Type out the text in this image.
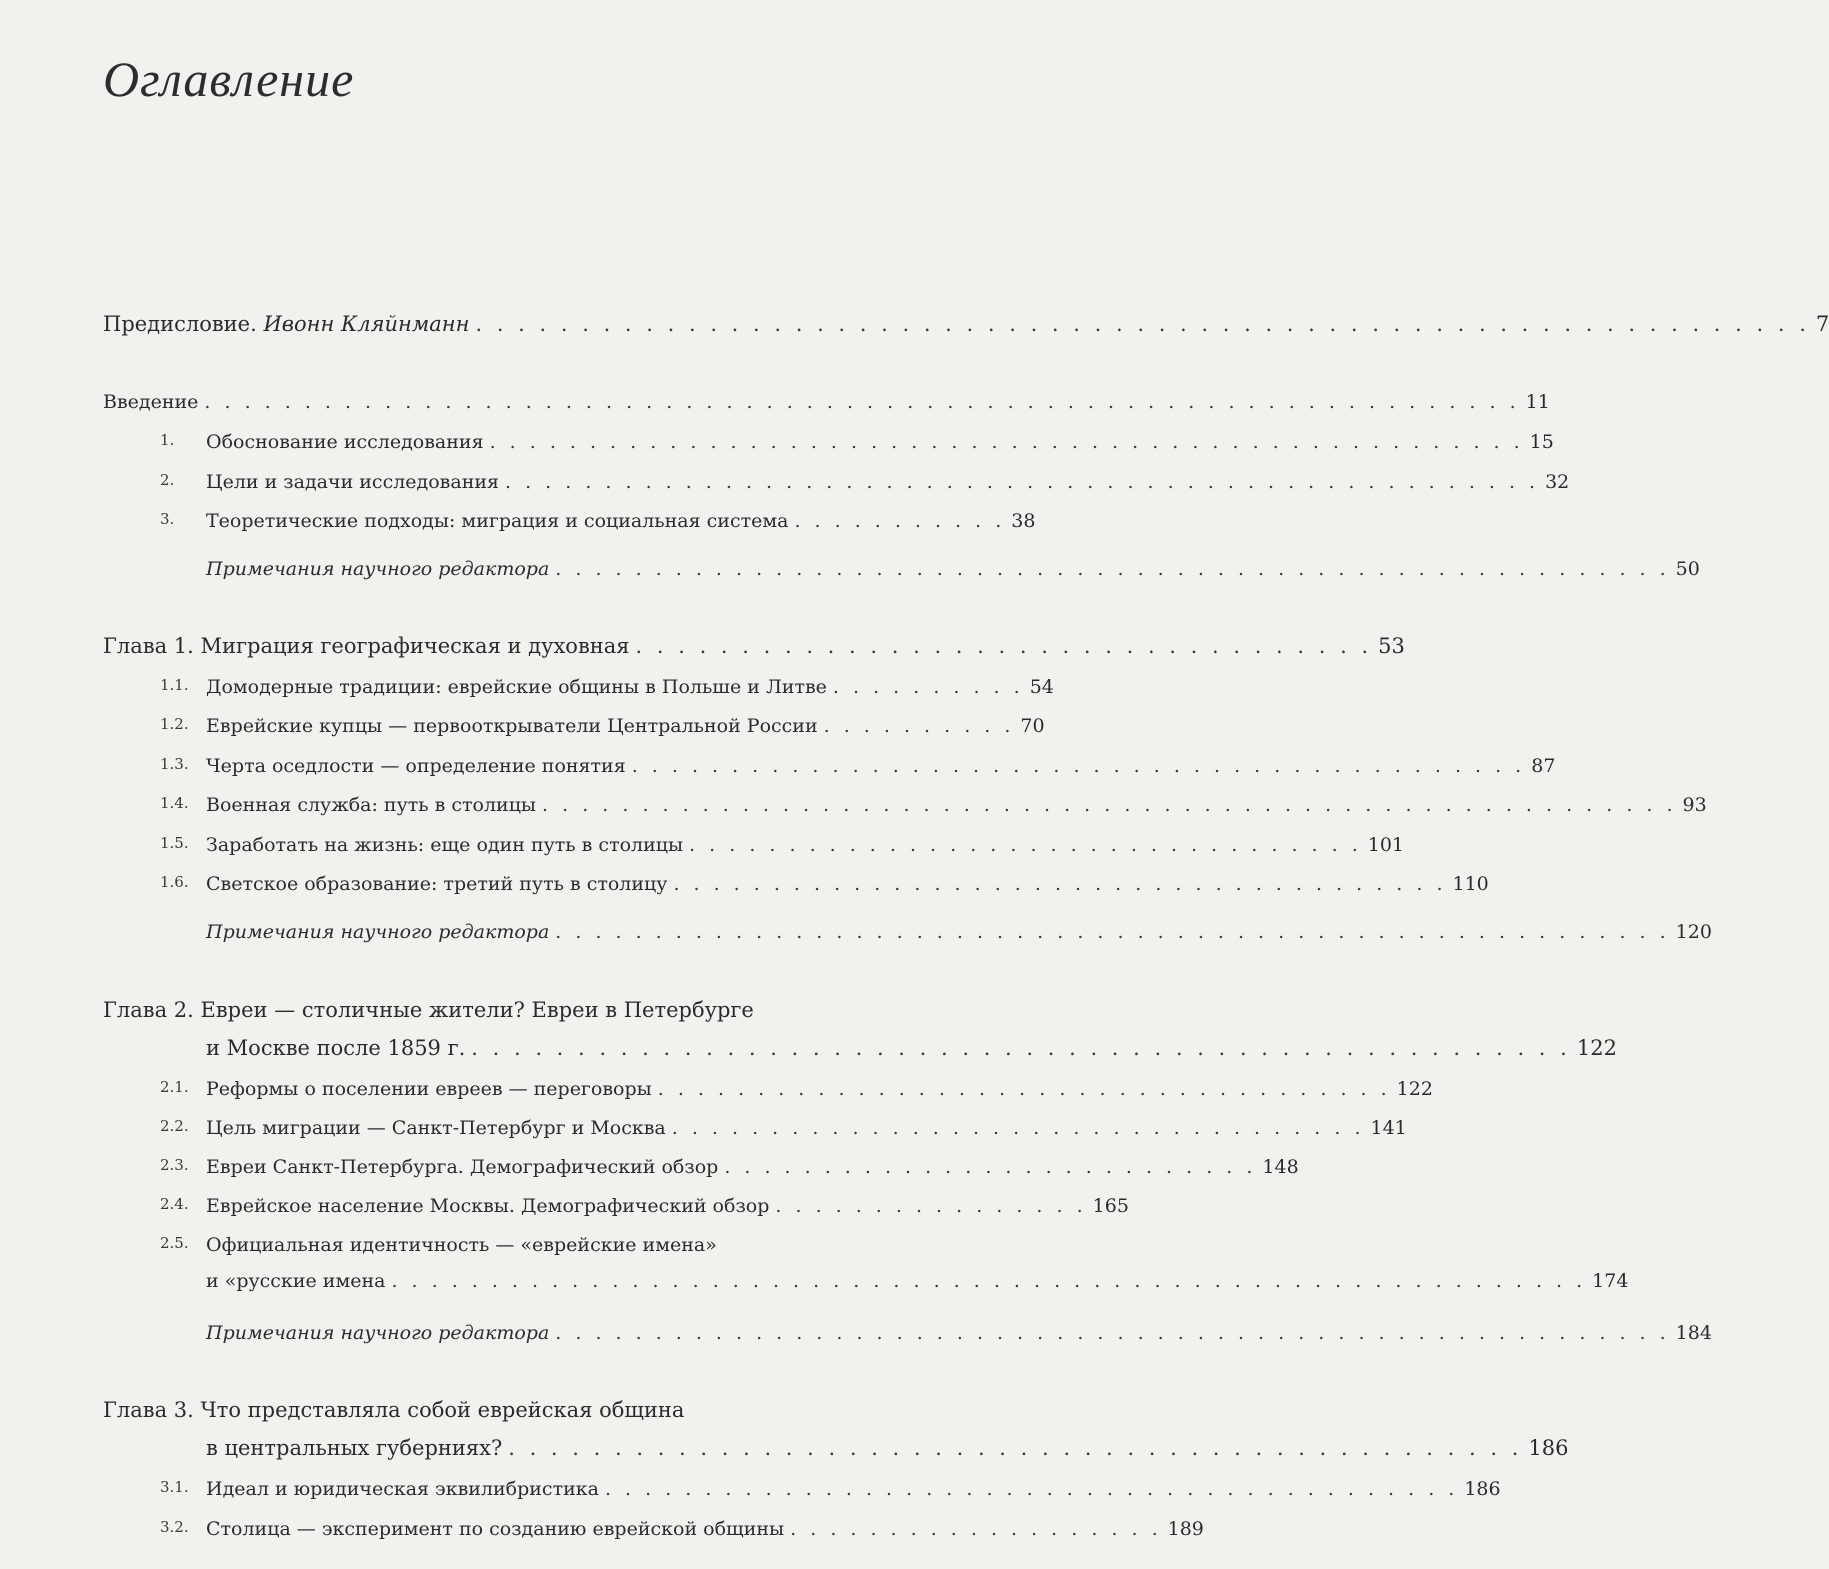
Оглавление
Предисловие. Ивонн Кляйнманн . . . . . . . . . . . . . . . . . . . . . . . . . . . . . . . . . . . . . . . . . . . . . . . . . . . . . . . . . . . . . . . 7
Введение . . . . . . . . . . . . . . . . . . . . . . . . . . . . . . . . . . . . . . . . . . . . . . . . . . . . . . . . . . . . . . . . . . 11
1. Обоснование исследования . . . . . . . . . . . . . . . . . . . . . . . . . . . . . . . . . . . . . . . . . . . . . . . . . . . . 15
2. Цели и задачи исследования . . . . . . . . . . . . . . . . . . . . . . . . . . . . . . . . . . . . . . . . . . . . . . . . . . . . 32
3. Теоретические подходы: миграция и социальная система . . . . . . . . . . . 38
Примечания научного редактора . . . . . . . . . . . . . . . . . . . . . . . . . . . . . . . . . . . . . . . . . . . . . . . . . . . . . . . . 50
Глава 1. Миграция географическая и духовная . . . . . . . . . . . . . . . . . . . . . . . . . . . . . . . . . . . 53
1.1. Домодерные традиции: еврейские общины в Польше и Литве . . . . . . . . . . 54
1.2. Еврейские купцы — первооткрыватели Центральной России . . . . . . . . . . 70
1.3. Черта оседлости — определение понятия . . . . . . . . . . . . . . . . . . . . . . . . . . . . . . . . . . . . . . . . . . . . . 87
1.4. Военная служба: путь в столицы . . . . . . . . . . . . . . . . . . . . . . . . . . . . . . . . . . . . . . . . . . . . . . . . . . . . . . . . . 93
1.5. Заработать на жизнь: еще один путь в столицы . . . . . . . . . . . . . . . . . . . . . . . . . . . . . . . . . . 101
1.6. Светское образование: третий путь в столицу . . . . . . . . . . . . . . . . . . . . . . . . . . . . . . . . . . . . . . . 110
Примечания научного редактора . . . . . . . . . . . . . . . . . . . . . . . . . . . . . . . . . . . . . . . . . . . . . . . . . . . . . . . . 120
Глава 2. Евреи — столичные жители? Евреи в Петербурге
и Москве после 1859 г. . . . . . . . . . . . . . . . . . . . . . . . . . . . . . . . . . . . . . . . . . . . . . . . . . . . . 122
2.1. Реформы о поселении евреев — переговоры . . . . . . . . . . . . . . . . . . . . . . . . . . . . . . . . . . . . . 122
2.2. Цель миграции — Санкт-Петербург и Москва . . . . . . . . . . . . . . . . . . . . . . . . . . . . . . . . . . . 141
2.3. Евреи Санкт-Петербурга. Демографический обзор . . . . . . . . . . . . . . . . . . . . . . . . . . . 148
2.4. Еврейское население Москвы. Демографический обзор . . . . . . . . . . . . . . . . 165
2.5. Официальная идентичность — «еврейские имена»
и «русские имена . . . . . . . . . . . . . . . . . . . . . . . . . . . . . . . . . . . . . . . . . . . . . . . . . . . . . . . . . . . . 174
Примечания научного редактора . . . . . . . . . . . . . . . . . . . . . . . . . . . . . . . . . . . . . . . . . . . . . . . . . . . . . . . . 184
Глава 3. Что представляла собой еврейская община
в центральных губерниях? . . . . . . . . . . . . . . . . . . . . . . . . . . . . . . . . . . . . . . . . . . . . . . . . 186
3.1. Идеал и юридическая эквилибристика . . . . . . . . . . . . . . . . . . . . . . . . . . . . . . . . . . . . . . . . . . . 186
3.2. Столица — эксперимент по созданию еврейской общины . . . . . . . . . . . . . . . . . . . 189
